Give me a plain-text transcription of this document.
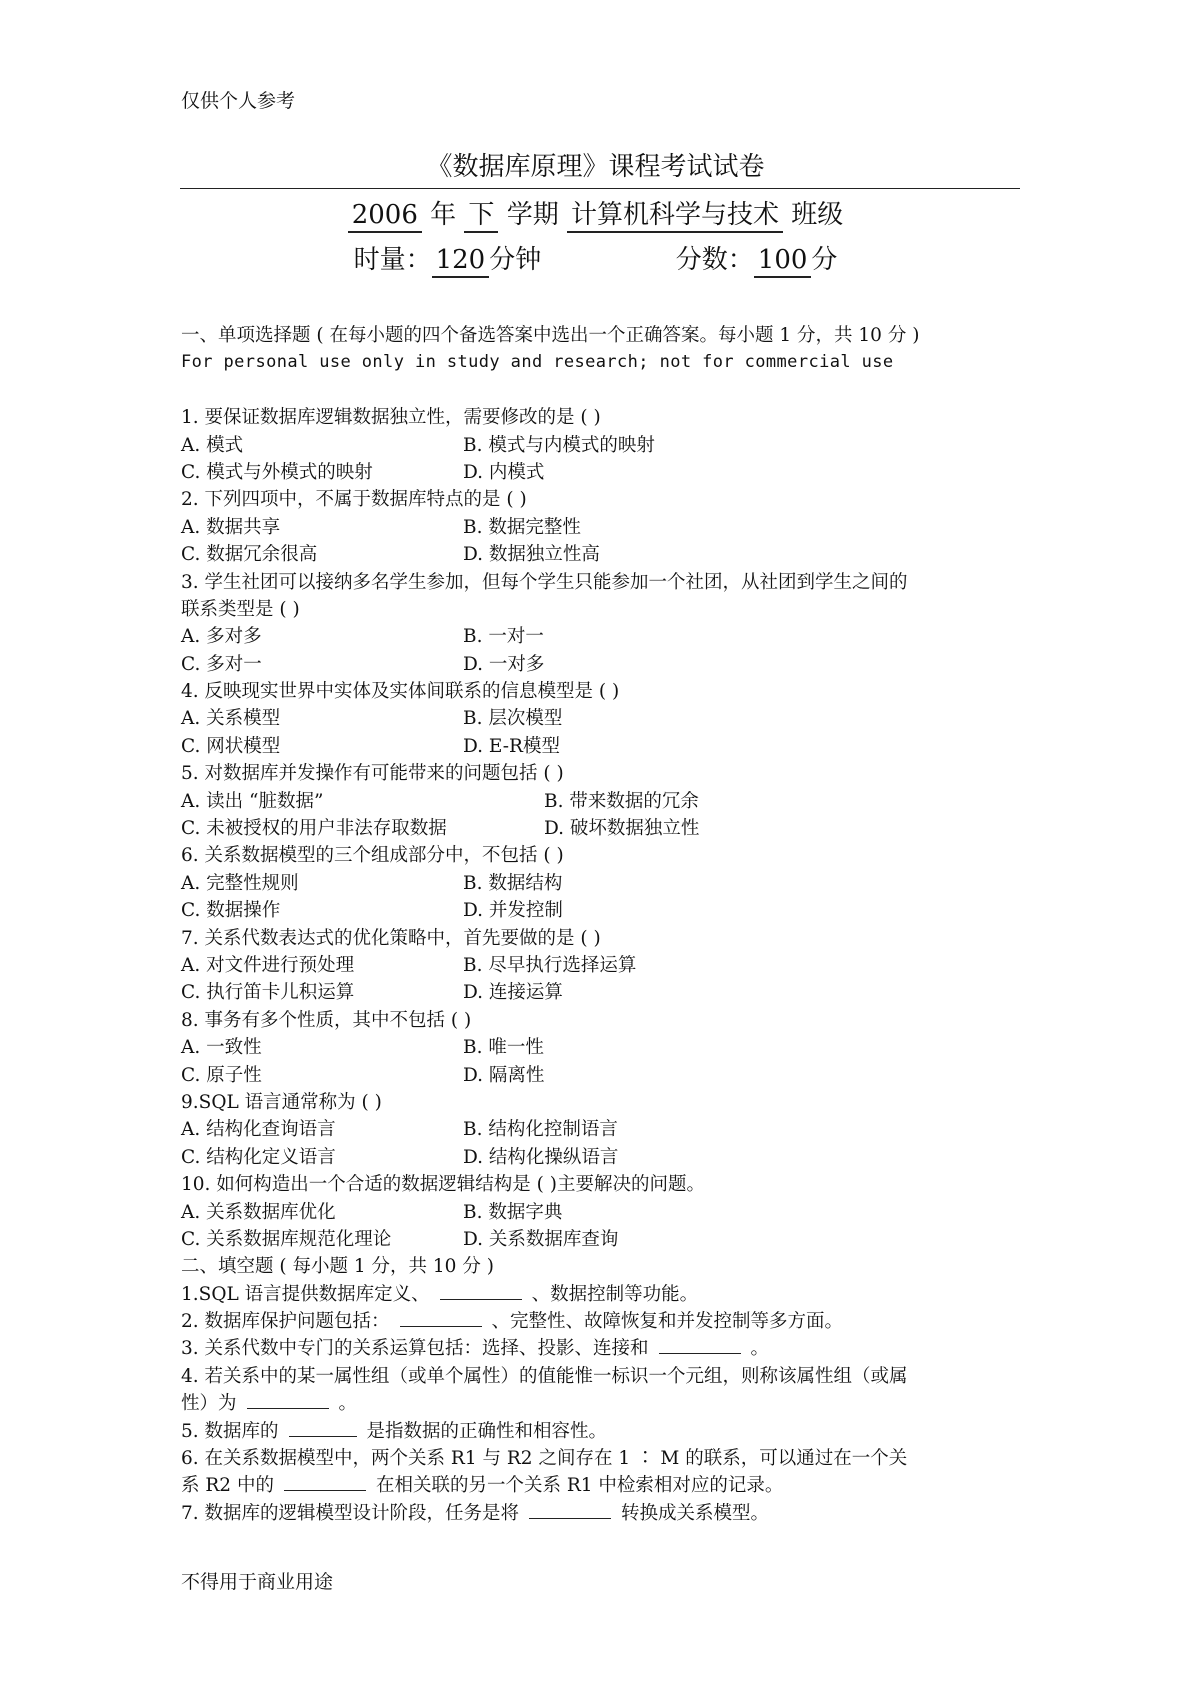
仅供个人参考
《数据库原理》课程考试试卷
2006 年 下 学期 计算机科学与技术 班级
时量： 120 分钟	分数： 100 分
一、单项选择题 ( 在每小题的四个备选答案中选出一个正确答案。每小题 1 分，共 10 分 )
For personal use only in study and research; not for commercial use
1. 要保证数据库逻辑数据独立性，需要修改的是 ( )
A. 模式	B. 模式与内模式的映射
C. 模式与外模式的映射	D. 内模式
2. 下列四项中，不属于数据库特点的是 ( )
A. 数据共享	B. 数据完整性
C. 数据冗余很高	D. 数据独立性高
3. 学生社团可以接纳多名学生参加，但每个学生只能参加一个社团，从社团到学生之间的
联系类型是 ( )
A. 多对多	B. 一对一
C. 多对一	D. 一对多
4. 反映现实世界中实体及实体间联系的信息模型是 ( )
A. 关系模型	B. 层次模型
C. 网状模型	D. E-R模型
5. 对数据库并发操作有可能带来的问题包括 ( )
A. 读出 “脏数据”	B. 带来数据的冗余
C. 未被授权的用户非法存取数据	D. 破坏数据独立性
6. 关系数据模型的三个组成部分中，不包括 ( )
A. 完整性规则	B. 数据结构
C. 数据操作	D. 并发控制
7. 关系代数表达式的优化策略中，首先要做的是 ( )
A. 对文件进行预处理	B. 尽早执行选择运算
C. 执行笛卡儿积运算	D. 连接运算
8. 事务有多个性质，其中不包括 ( )
A. 一致性	B. 唯一性
C. 原子性	D. 隔离性
9.SQL 语言通常称为 ( )
A. 结构化查询语言	B. 结构化控制语言
C. 结构化定义语言	D. 结构化操纵语言
10. 如何构造出一个合适的数据逻辑结构是 ( )主要解决的问题。
A. 关系数据库优化	B. 数据字典
C. 关系数据库规范化理论	D. 关系数据库查询
二、填空题 ( 每小题 1 分，共 10 分 )
1.SQL 语言提供数据库定义、	、数据控制等功能。
2. 数据库保护问题包括：	、完整性、故障恢复和并发控制等多方面。
3. 关系代数中专门的关系运算包括：选择、投影、连接和	。
4. 若关系中的某一属性组（或单个属性）的值能惟一标识一个元组，则称该属性组（或属
性）为	。
5. 数据库的	是指数据的正确性和相容性。
6. 在关系数据模型中，两个关系 R1 与 R2 之间存在 1 ∶ M 的联系，可以通过在一个关
系 R2 中的	在相关联的另一个关系 R1 中检索相对应的记录。
7. 数据库的逻辑模型设计阶段，任务是将	转换成关系模型。
不得用于商业用途
